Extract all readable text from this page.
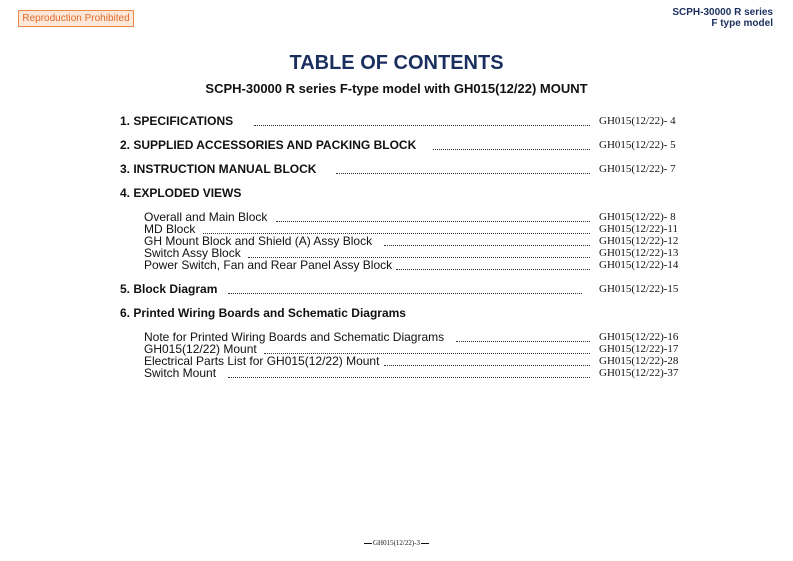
Reproduction Prohibited
SCPH-30000 R series
F type model
TABLE OF CONTENTS
SCPH-30000 R series F-type model with GH015(12/22) MOUNT
1. SPECIFICATIONS	GH015(12/22)- 4
2. SUPPLIED ACCESSORIES AND PACKING BLOCK	GH015(12/22)- 5
3. INSTRUCTION MANUAL BLOCK	GH015(12/22)- 7
4. EXPLODED VIEWS
Overall and Main Block	GH015(12/22)- 8
MD Block	GH015(12/22)-11
GH Mount Block and Shield (A) Assy Block	GH015(12/22)-12
Switch Assy Block	GH015(12/22)-13
Power Switch, Fan and Rear Panel Assy Block	GH015(12/22)-14
5. Block Diagram	GH015(12/22)-15
6. Printed Wiring Boards and Schematic Diagrams
Note for Printed Wiring Boards and Schematic Diagrams	GH015(12/22)-16
GH015(12/22) Mount	GH015(12/22)-17
Electrical Parts List for GH015(12/22) Mount	GH015(12/22)-28
Switch Mount	GH015(12/22)-37
GH015(12/22)-3
